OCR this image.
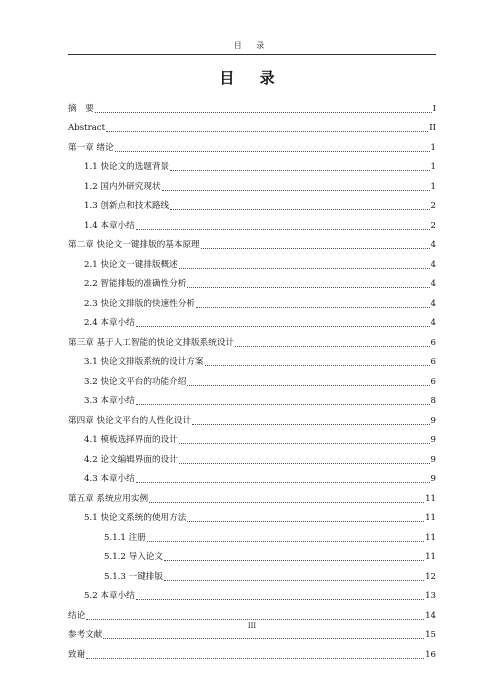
目 录
目 录
摘　要	I
Abstract	II
第一章 绪论	1
1.1 快论文的选题背景	1
1.2 国内外研究现状	1
1.3 创新点和技术路线	2
1.4 本章小结	2
第二章 快论文一键排版的基本原理	4
2.1 快论文一键排版概述	4
2.2 智能排版的准确性分析	4
2.3 快论文排版的快速性分析	4
2.4 本章小结	4
第三章 基于人工智能的快论文排版系统设计	6
3.1 快论文排版系统的设计方案	6
3.2 快论文平台的功能介绍	6
3.3 本章小结	8
第四章 快论文平台的人性化设计	9
4.1 模板选择界面的设计	9
4.2 论文编辑界面的设计	9
4.3 本章小结	9
第五章 系统应用实例	11
5.1 快论文系统的使用方法	11
5.1.1 注册	11
5.1.2 导入论文	11
5.1.3 一键排版	12
5.2 本章小结	13
结论	14
参考文献	15
致谢	16
III
